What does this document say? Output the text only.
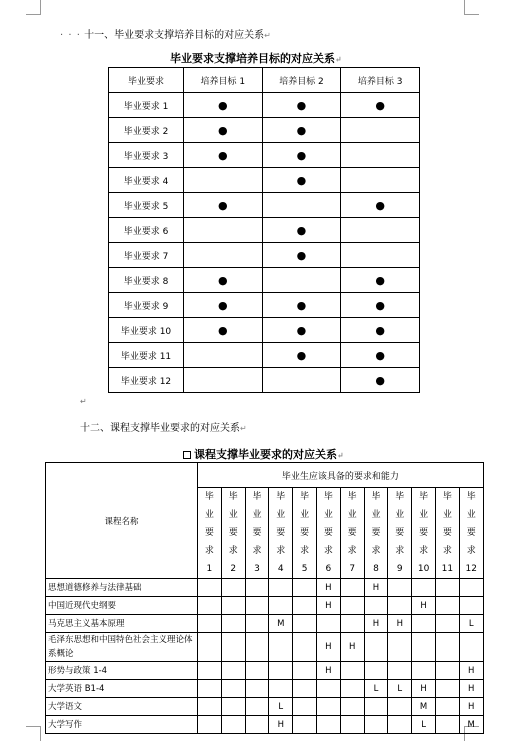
· · · 十一、毕业要求支撑培养目标的对应关系↵
毕业要求支撑培养目标的对应关系↵
毕业要求	培养目标 1	培养目标 2	培养目标 3
毕业要求 1	●	●	●
毕业要求 2	●	●	
毕业要求 3	●	●	
毕业要求 4		●	
毕业要求 5	●		●
毕业要求 6		●	
毕业要求 7		●	
毕业要求 8	●		●
毕业要求 9	●	●	●
毕业要求 10	●	●	●
毕业要求 11		●	●
毕业要求 12			●
↵
十二、课程支撑毕业要求的对应关系↵
课程支撑毕业要求的对应关系↵
课程名称	毕业生应该具备的要求和能力											

	毕
业
要
求
1	毕
业
要
求
2	毕
业
要
求
3	毕
业
要
求
4	毕
业
要
求
5	毕
业
要
求
6	毕
业
要
求
7	毕
业
要
求
8	毕
业
要
求
9	毕
业
要
求
10	毕
业
要
求
11	毕
业
要
求
12

思想道德修养与法律基础						H		H				
中国近现代史纲要						H				H		
马克思主义基本原理				M				H	H			L
毛泽东思想和中国特色社会主义理论体系概论						H	H					
形势与政策 1-4						H						H
大学英语 B1-4								L	L	H		H
大学语文				L						M		H
大学写作				H						L		M
